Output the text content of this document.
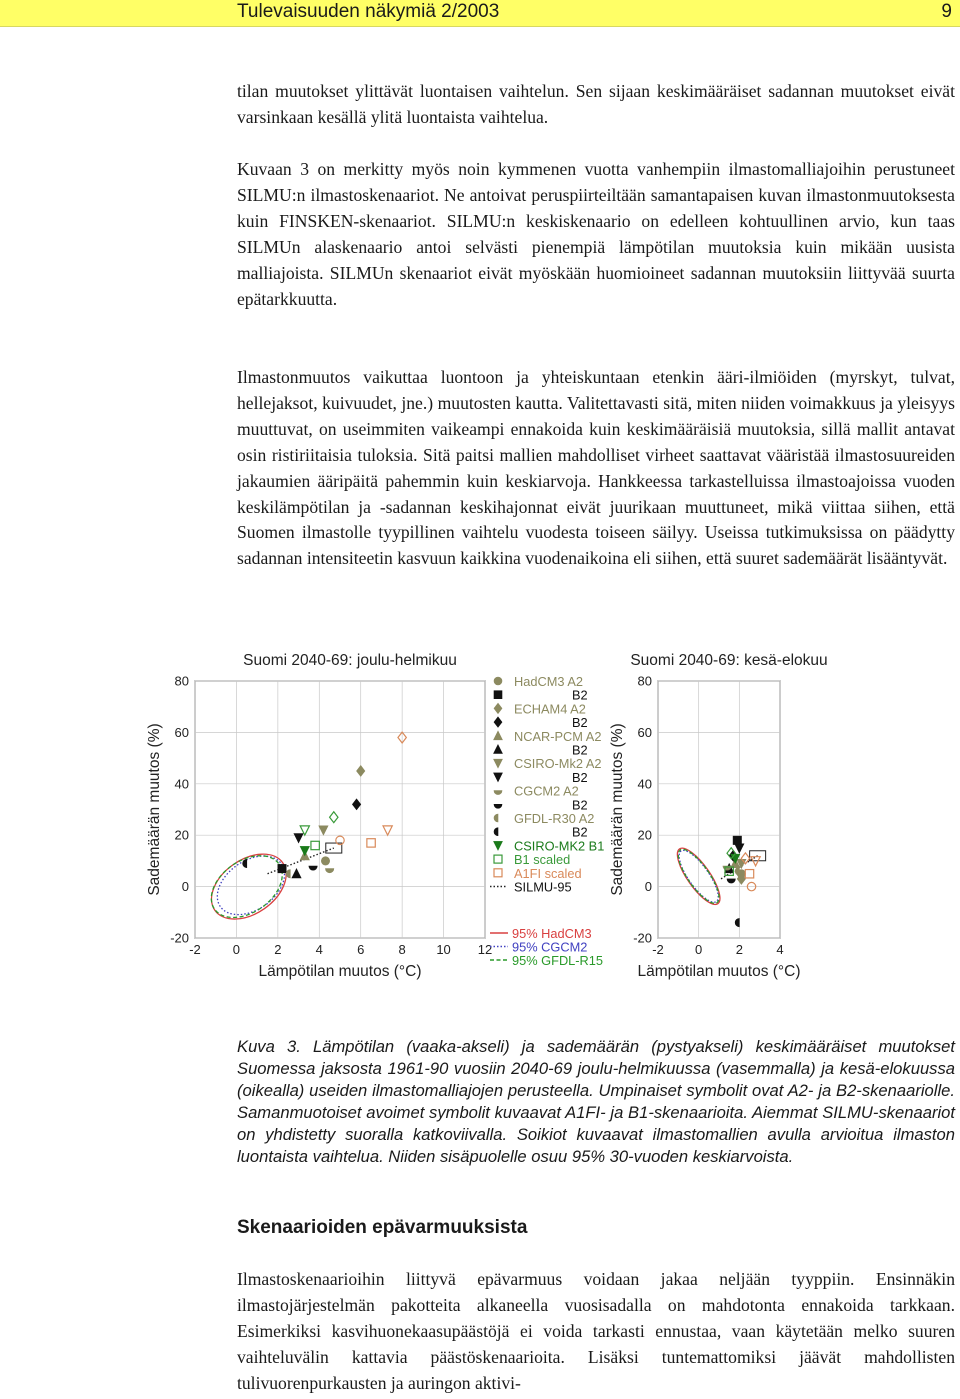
Tulevaisuuden näkymiä 2/2003	9

tilan muutokset ylittävät luontaisen vaihtelun. Sen sijaan keskimääräiset sadannan muutokset eivät varsinkaan kesällä ylitä luontaista vaihtelua.

Kuvaan 3 on merkitty myös noin kymmenen vuotta vanhempiin ilmastomalliajoihin perustuneet SILMU:n ilmastoskenaariot. Ne antoivat peruspiirteiltään samantapaisen kuvan ilmastonmuutoksesta kuin FINSKEN-skenaariot. SILMU:n keskiskenaario on edelleen kohtuullinen arvio, kun taas SILMUn alaskenaario antoi selvästi pienempiä lämpötilan muutoksia kuin mikään uusista malliajoista. SILMUn skenaariot eivät myöskään huomioineet sadannan muutoksiin liittyvää suurta epätarkkuutta.

Ilmastonmuutos vaikuttaa luontoon ja yhteiskuntaan etenkin ääri-ilmiöiden (myrskyt, tulvat, hellejaksot, kuivuudet, jne.) muutosten kautta. Valitettavasti sitä, miten niiden voimakkuus ja yleisyys muuttuvat, on useimmiten vaikeampi ennakoida kuin keskimääräisiä muutoksia, sillä mallit antavat osin ristiriitaisia tuloksia. Sitä paitsi mallien mahdolliset virheet saattavat vääristää ilmastosuureiden jakaumien ääripäitä pahemmin kuin keskiarvoja. Hankkeessa tarkastelluissa ilmastoajoissa vuoden keskilämpötilan ja -sadannan keskihajonnat eivät juurikaan muuttuneet, mikä viittaa siihen, että Suomen ilmastolle tyypillinen vaihtelu vuodesta toiseen säilyy. Useissa tutkimuksissa on päädytty sadannan intensiteetin kasvuun kaikkina vuodenaikoina eli siihen, että suuret sademäärät lisääntyvät.

-2 0	2	4	6	8 10 12
-20
0
20
40
60
80
Suomi 2040-69: joulu-helmikuu
Lämpötilan muutos (°C)
Sademäärän muutos (%)
-2 0	2	4
-20
0
20
40
60
80
Suomi 2040-69: kesä-elokuu
Lämpötilan muutos (°C)
Sademäärän muutos (%)
HadCM3 A2
B2
ECHAM4 A2
B2
NCAR-PCM A2
B2
CSIRO-Mk2 A2
B2
CGCM2 A2
B2
GFDL-R30 A2
B2
CSIRO-MK2 B1
B1 scaled
A1FI scaled
SILMU-95
95% HadCM3
95% CGCM2
95% GFDL-R15

Kuva 3. Lämpötilan (vaaka-akseli) ja sademäärän (pystyakseli) keskimääräiset muutokset Suomessa jaksosta 1961-90 vuosiin 2040-69 joulu-helmikuussa (vasemmalla) ja kesä-elokuussa (oikealla) useiden ilmastomalliajojen perusteella. Umpinaiset symbolit ovat A2- ja B2-skenaariolle. Samanmuotoiset avoimet symbolit kuvaavat A1FI- ja B1-skenaarioita. Aiemmat SILMU-skenaariot on yhdistetty suoralla katkoviivalla. Soikiot kuvaavat ilmastomallien avulla arvioitua ilmaston luontaista vaihtelua. Niiden sisäpuolelle osuu 95% 30-vuoden keskiarvoista.

Skenaarioiden epävarmuuksista

Ilmastoskenaarioihin liittyvä epävarmuus voidaan jakaa neljään tyyppiin. Ensinnäkin ilmastojärjestelmän pakotteita alkaneella vuosisadalla on mahdotonta ennakoida tarkkaan. Esimerkiksi kasvihuonekaasupäästöjä ei voida tarkasti ennustaa, vaan käytetään melko suuren vaihteluvälin kattavia päästöskenaarioita. Lisäksi tuntemattomiksi jäävät mahdollisten tulivuorenpurkausten ja auringon aktivi-
